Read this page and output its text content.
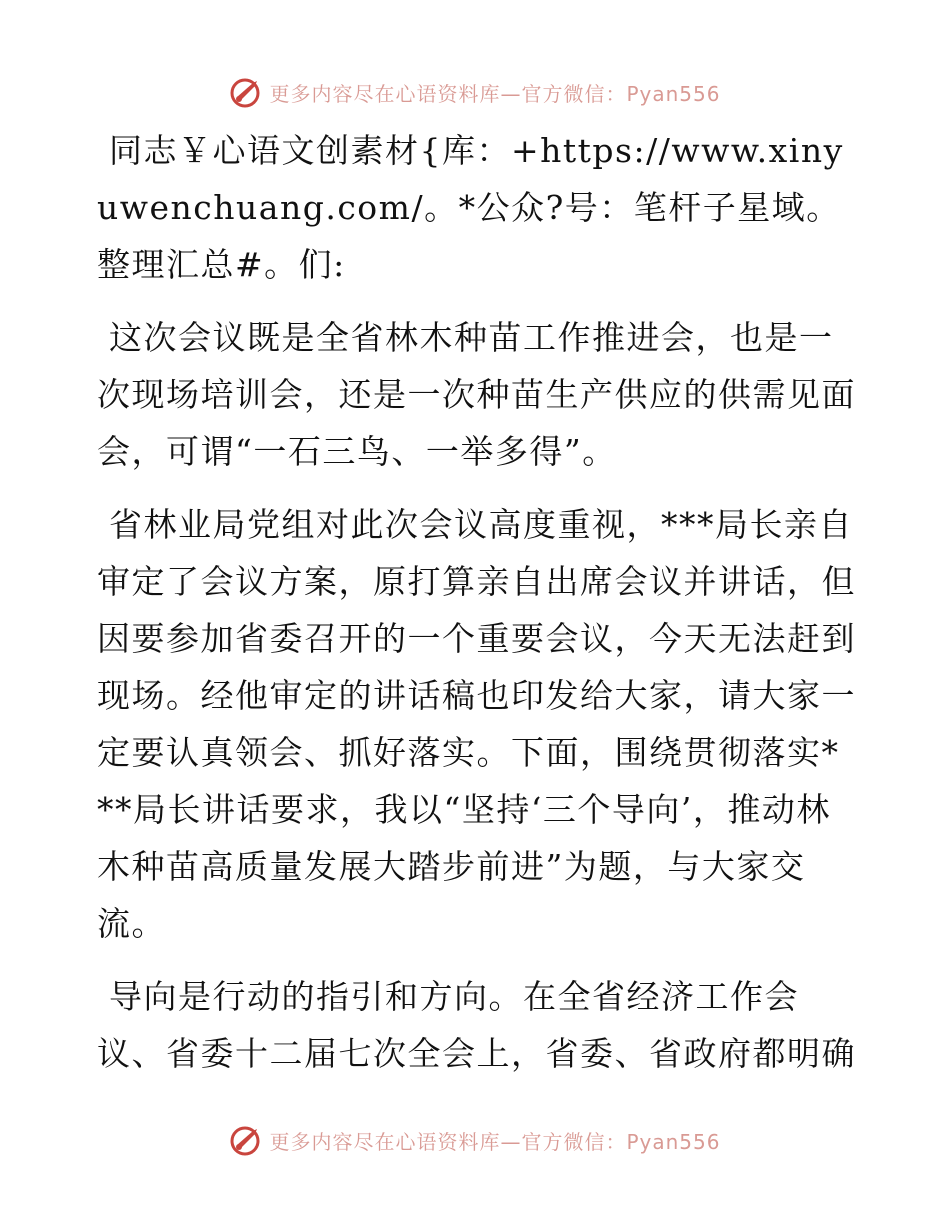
更多内容尽在心语资料库—官方微信：Pyan556

同志￥心语文创素材{库：+https://www.xinyuwenchuang.com/。*公众?号：笔杆子星域。整理汇总#。们:

这次会议既是全省林木种苗工作推进会，也是一次现场培训会，还是一次种苗生产供应的供需见面会，可谓“一石三鸟、一举多得”。

省林业局党组对此次会议高度重视，***局长亲自审定了会议方案，原打算亲自出席会议并讲话，但因要参加省委召开的一个重要会议，今天无法赶到现场。经他审定的讲话稿也印发给大家，请大家一定要认真领会、抓好落实。下面，围绕贯彻落实***局长讲话要求，我以“坚持‘三个导向’，推动林木种苗高质量发展大踏步前进”为题，与大家交流。

导向是行动的指引和方向。在全省经济工作会议、省委十二届七次全会上，省委、省政府都明确

更多内容尽在心语资料库—官方微信：Pyan556
